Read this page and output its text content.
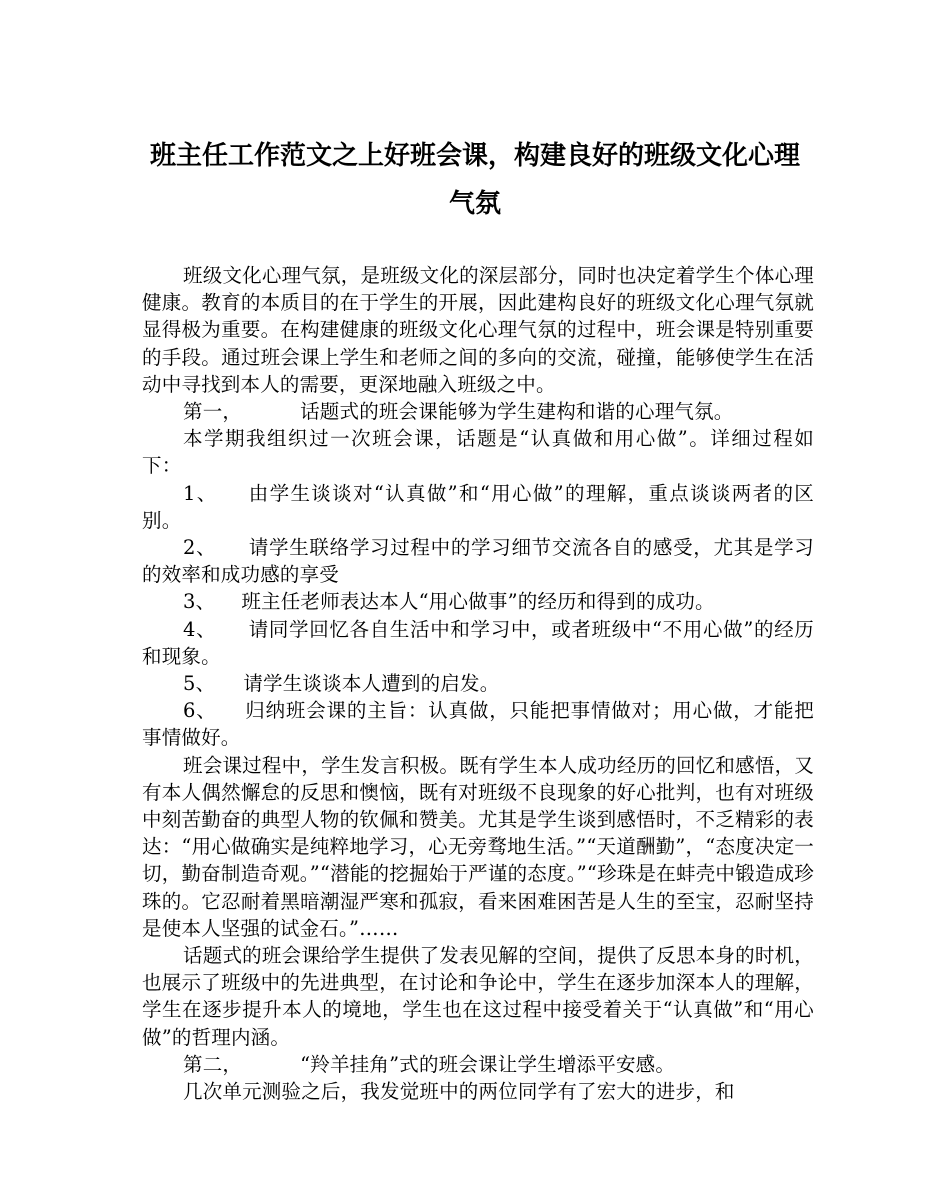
班主任工作范文之上好班会课，构建良好的班级文化心理气氛

班级文化心理气氛，是班级文化的深层部分，同时也决定着学生个体心理健康。教育的本质目的在于学生的开展，因此建构良好的班级文化心理气氛就显得极为重要。在构建健康的班级文化心理气氛的过程中，班会课是特别重要的手段。通过班会课上学生和老师之间的多向的交流，碰撞，能够使学生在活动中寻找到本人的需要，更深地融入班级之中。

第一，	话题式的班会课能够为学生建构和谐的心理气氛。

本学期我组织过一次班会课，话题是“认真做和用心做”。详细过程如下：

1、 由学生谈谈对“认真做”和“用心做”的理解，重点谈谈两者的区别。

2、 请学生联络学习过程中的学习细节交流各自的感受，尤其是学习的效率和成功感的享受

3、 班主任老师表达本人“用心做事”的经历和得到的成功。

4、 请同学回忆各自生活中和学习中，或者班级中“不用心做”的经历和现象。

5、 请学生谈谈本人遭到的启发。

6、 归纳班会课的主旨：认真做，只能把事情做对；用心做，才能把事情做好。

班会课过程中，学生发言积极。既有学生本人成功经历的回忆和感悟，又有本人偶然懈怠的反思和懊恼，既有对班级不良现象的好心批判，也有对班级中刻苦勤奋的典型人物的钦佩和赞美。尤其是学生谈到感悟时，不乏精彩的表达：“用心做确实是纯粹地学习，心无旁骛地生活。”“天道酬勤”，“态度决定一切，勤奋制造奇观。”“潜能的挖掘始于严谨的态度。”“珍珠是在蚌壳中锻造成珍珠的。它忍耐着黑暗潮湿严寒和孤寂，看来困难困苦是人生的至宝，忍耐坚持是使本人坚强的试金石。”……

话题式的班会课给学生提供了发表见解的空间，提供了反思本身的时机，也展示了班级中的先进典型，在讨论和争论中，学生在逐步加深本人的理解，学生在逐步提升本人的境地，学生也在这过程中接受着关于“认真做”和“用心做”的哲理内涵。

第二，	“羚羊挂角”式的班会课让学生增添平安感。

几次单元测验之后，我发觉班中的两位同学有了宏大的进步，和
